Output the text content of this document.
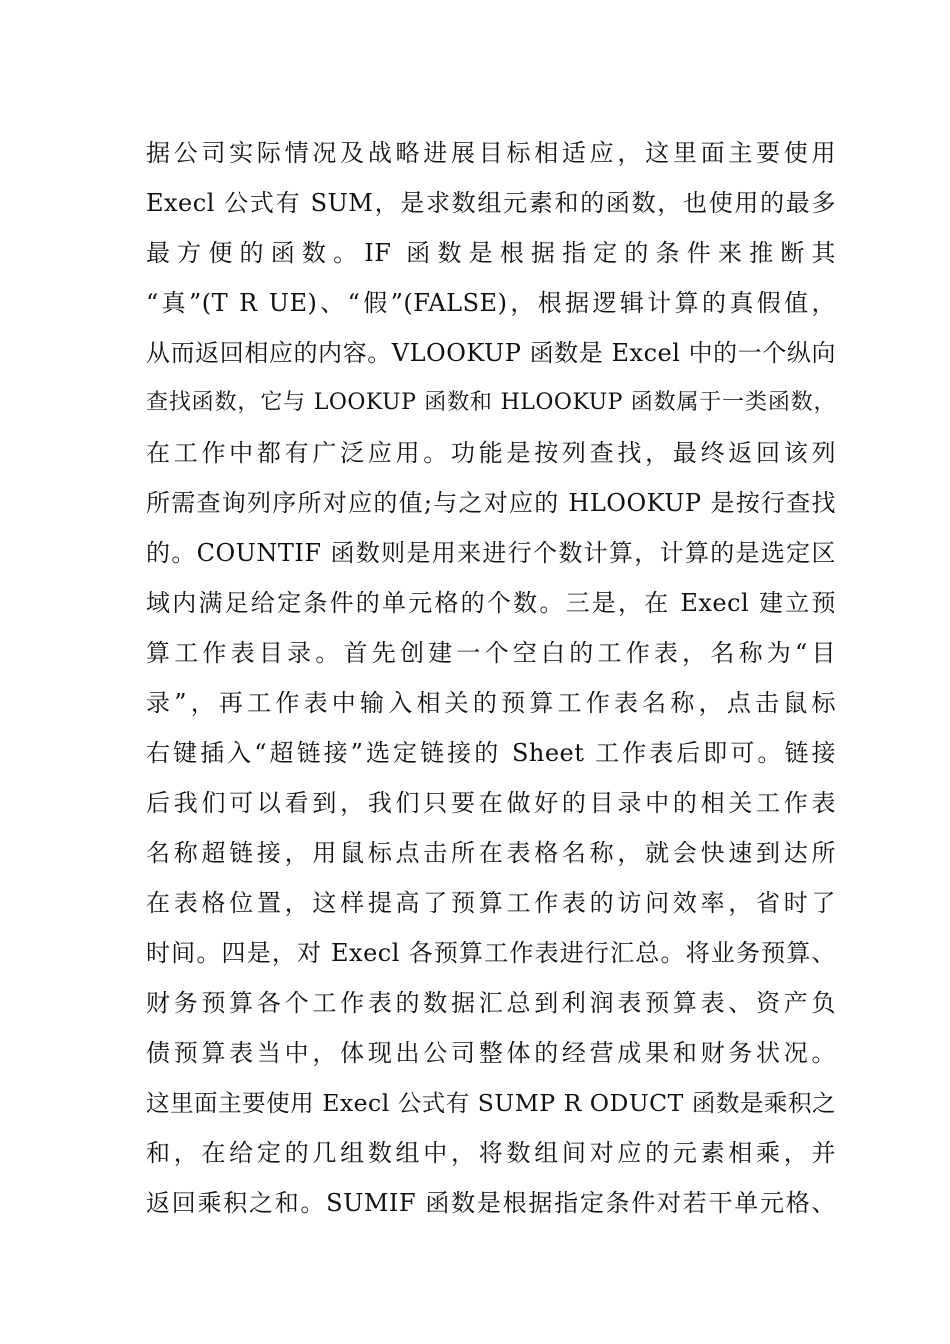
据公司实际情况及战略进展目标相适应，这里面主要使用
Execl 公式有 SUM，是求数组元素和的函数，也使用的最多
最方便的函数。IF 函数是根据指定的条件来推断其
“真”(T R UE)、“假”(FALSE)，根据逻辑计算的真假值，
从而返回相应的内容。VLOOKUP 函数是 Excel 中的一个纵向
查找函数，它与 LOOKUP 函数和 HLOOKUP 函数属于一类函数，
在工作中都有广泛应用。功能是按列查找，最终返回该列
所需查询列序所对应的值;与之对应的 HLOOKUP 是按行查找
的。COUNTIF 函数则是用来进行个数计算，计算的是选定区
域内满足给定条件的单元格的个数。三是，在 Execl 建立预
算工作表目录。首先创建一个空白的工作表，名称为“目
录”，再工作表中输入相关的预算工作表名称，点击鼠标
右键插入“超链接”选定链接的 Sheet 工作表后即可。链接
后我们可以看到，我们只要在做好的目录中的相关工作表
名称超链接，用鼠标点击所在表格名称，就会快速到达所
在表格位置，这样提高了预算工作表的访问效率，省时了
时间。四是，对 Execl 各预算工作表进行汇总。将业务预算、
财务预算各个工作表的数据汇总到利润表预算表、资产负
债预算表当中，体现出公司整体的经营成果和财务状况。
这里面主要使用 Execl 公式有 SUMP R ODUCT 函数是乘积之
和，在给定的几组数组中，将数组间对应的元素相乘，并
返回乘积之和。SUMIF 函数是根据指定条件对若干单元格、
